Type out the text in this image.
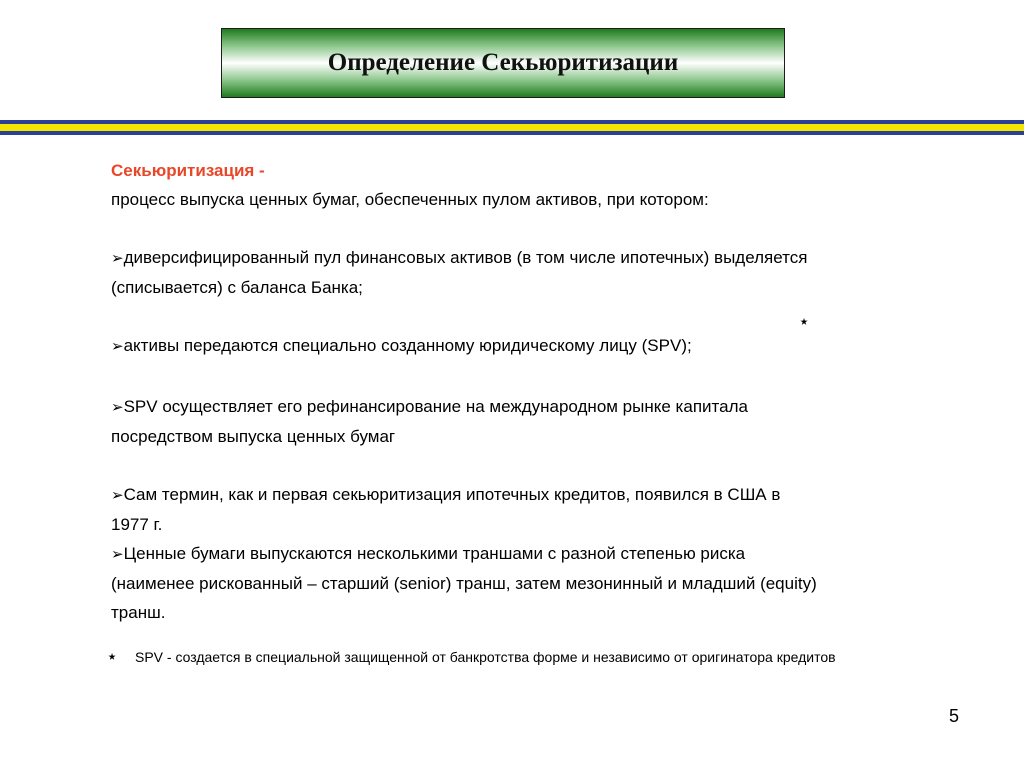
Определение Секьюритизации

Секьюритизация -

процесс выпуска ценных бумаг, обеспеченных пулом активов, при котором:

➢диверсифицированный пул финансовых активов (в том числе ипотечных) выделяется

(списывается) с баланса Банка;

➢активы передаются специально созданному юридическому лицу (SPV);

➢SPV осуществляет его рефинансирование на международном рынке капитала

посредством выпуска ценных бумаг

➢Сам термин, как и первая секьюритизация ипотечных кредитов, появился в США в

1977 г.

➢Ценные бумаги выпускаются несколькими траншами с разной степенью риска

(наименее рискованный – старший (senior) транш, затем мезонинный и младший (equity)

транш.

⭑
⭑ SPV - создается в специальной защищенной от банкротства форме и независимо от оригинатора кредитов
5
